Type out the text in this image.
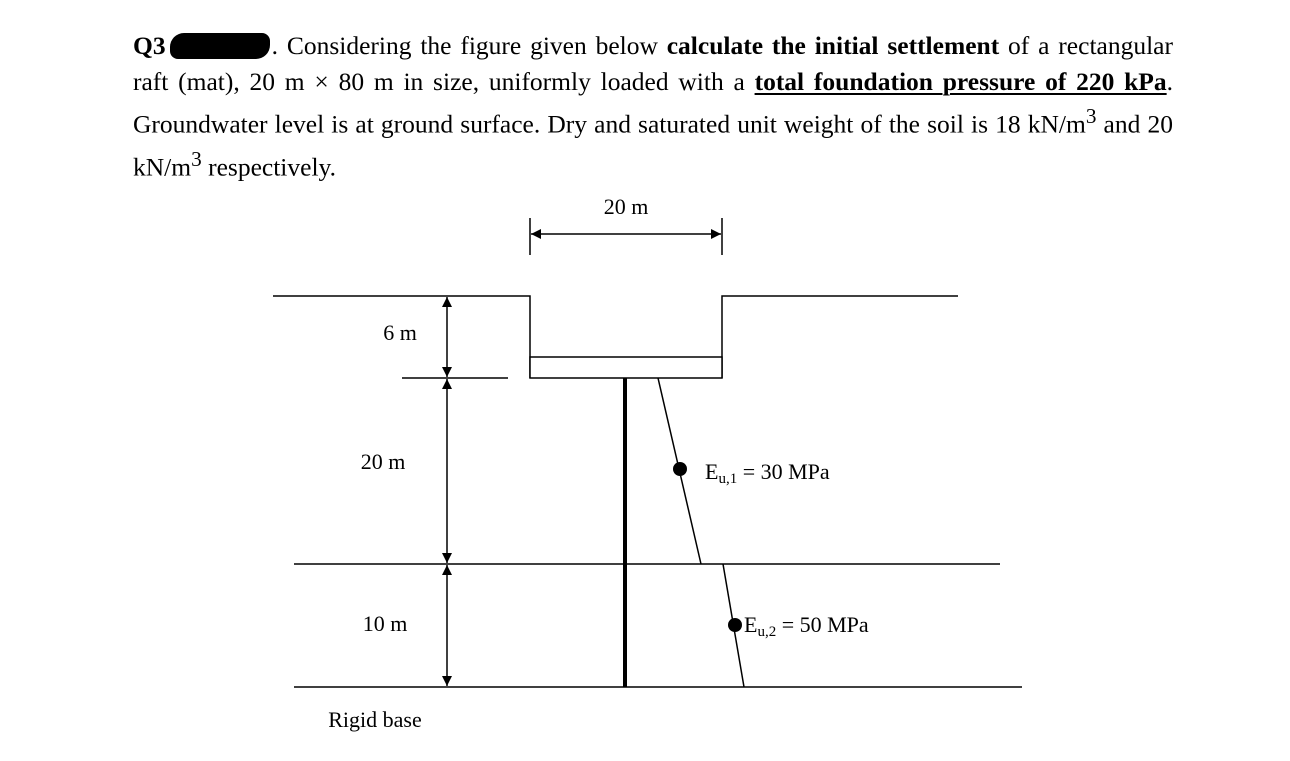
Q3	. Considering the figure given below calculate the initial settlement of a rectangular raft (mat), 20 m × 80 m in size, uniformly loaded with a total foundation pressure of 220 kPa. Groundwater level is at ground surface. Dry and saturated unit weight of the soil is 18 $kN/m^3$ and 20 $kN/m^3$ respectively.

20 m
6 m
20 m
10 m
Rigid base
Eu,1 = 30 MPa
Eu,2 = 50 MPa
